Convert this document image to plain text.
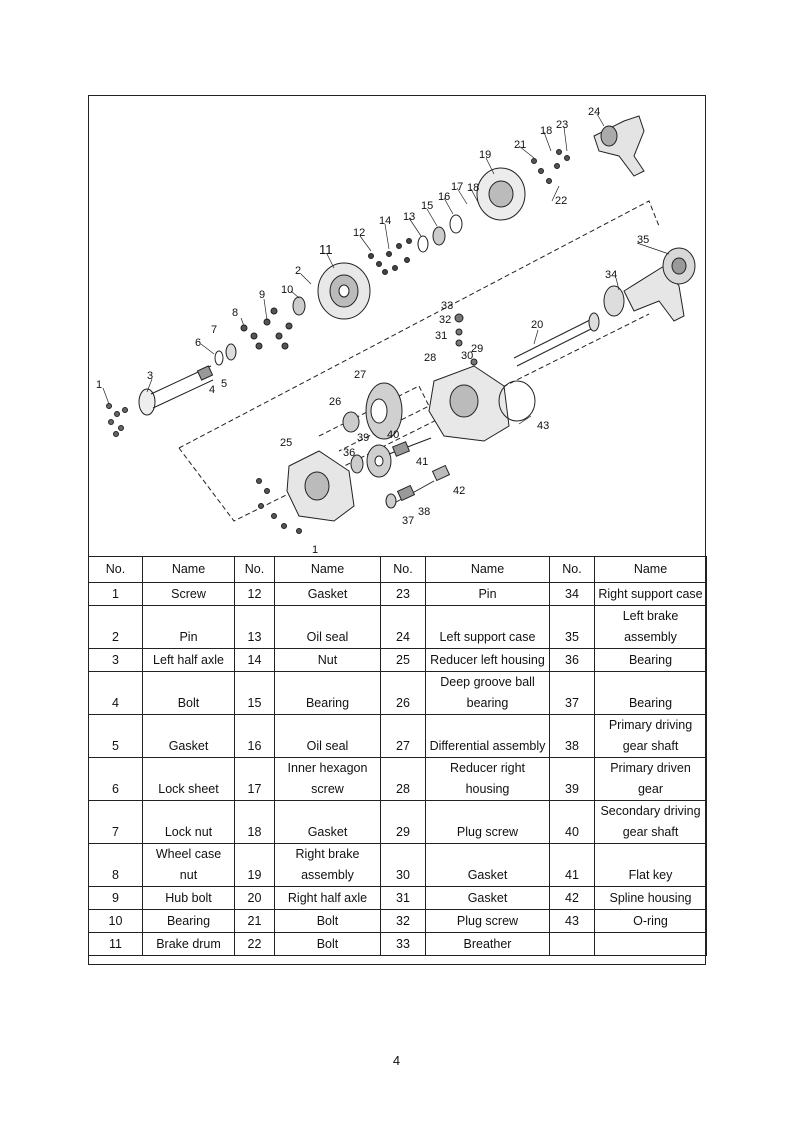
1
2
3
4 5
6
7
8
9 10
11
12
13
14
15
16
17 18
19
20
21
22
23
24
25
26
27
28
29
30
31
32
33
34
35
36
37
38
39 40
41
42
43
18
1
No.	Name	No.	Name	No.	Name	No.	Name
1	Screw	12	Gasket	23	Pin	34	Right support case
2	Pin	13	Oil seal	24	Left support case	35	Left brake assembly
3	Left half axle	14	Nut	25	Reducer left housing	36	Bearing
4	Bolt	15	Bearing	26	Deep groove ball bearing	37	Bearing
5	Gasket	16	Oil seal	27	Differential assembly	38	Primary driving gear shaft
6	Lock sheet	17	Inner hexagon screw	28	Reducer right housing	39	Primary driven gear
7	Lock nut	18	Gasket	29	Plug screw	40	Secondary driving gear shaft
8	Wheel case nut	19	Right brake assembly	30	Gasket	41	Flat key
9	Hub bolt	20	Right half axle	31	Gasket	42	Spline housing
10	Bearing	21	Bolt	32	Plug screw	43	O-ring
11	Brake drum	22	Bolt	33	Breather		
4
